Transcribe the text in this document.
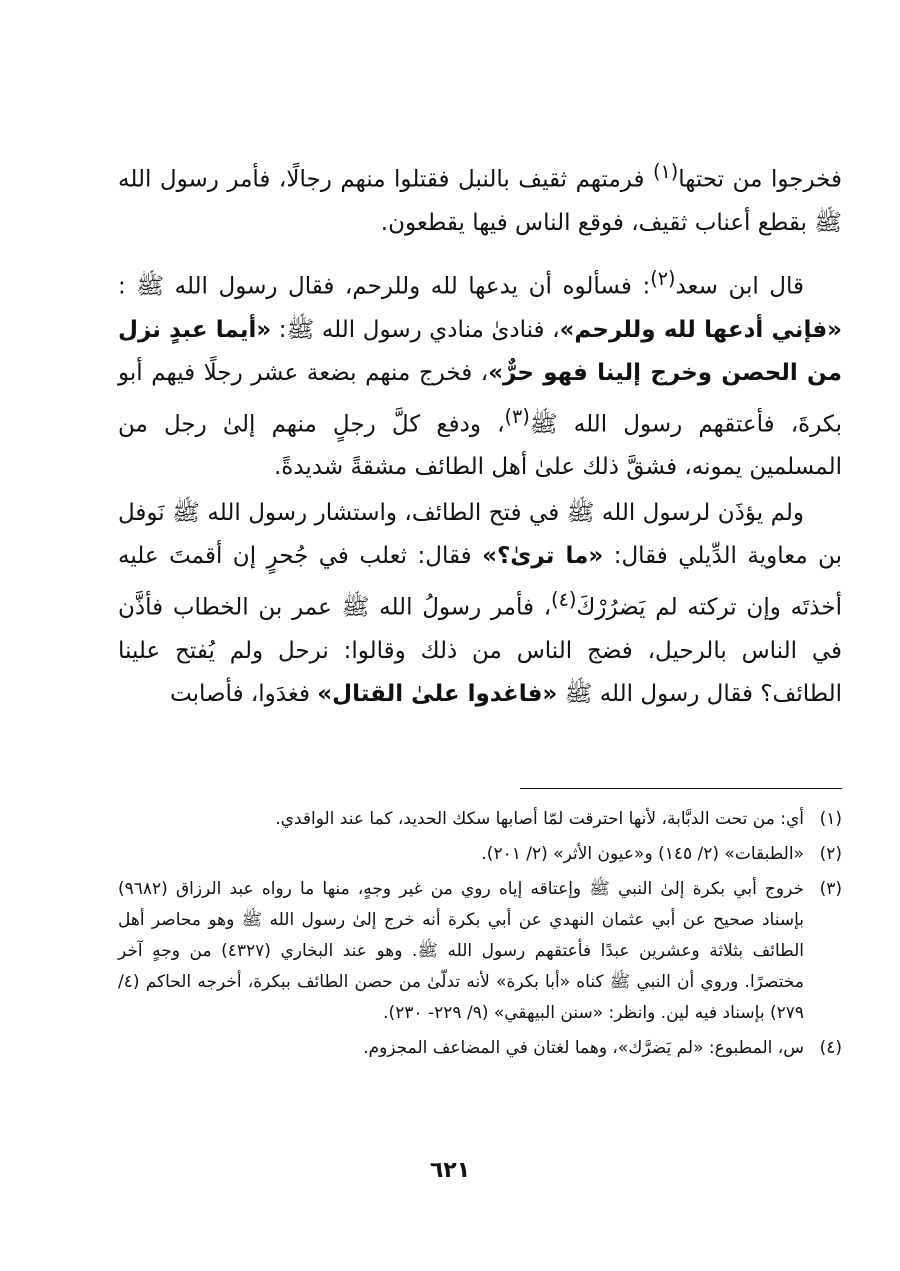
فخرجوا من تحتها$^{(١)}$ فرمتهم ثقيف بالنبل فقتلوا منهم رجالًا، فأمر رسول الله ﷺ بقطع أعناب ثقيف، فوقع الناس فيها يقطعون.

قال ابن سعد$^{(٢)}$: فسألوه أن يدعها لله وللرحم، فقال رسول الله ﷺ : «فإني أدعها لله وللرحم»، فنادىٰ منادي رسول الله ﷺ: «أيما عبدٍ نزل من الحصن وخرج إلينا فهو حرٌّ»، فخرج منهم بضعة عشر رجلًا فيهم أبو بكرةَ، فأعتقهم رسول الله ﷺ$^{(٣)}$، ودفع كلَّ رجلٍ منهم إلىٰ رجل من المسلمين يمونه، فشقَّ ذلك علىٰ أهل الطائف مشقةً شديدةً.

ولم يؤذَن لرسول الله ﷺ في فتح الطائف، واستشار رسول الله ﷺ نَوفل بن معاوية الدِّيلي فقال: «ما ترىٰ؟» فقال: ثعلب في جُحرٍ إن أقمتَ عليه أخذتَه وإن تركته لم يَضرُرْكَ$^{(٤)}$، فأمر رسولُ الله ﷺ عمر بن الخطاب فأذَّن في الناس بالرحيل، فضج الناس من ذلك وقالوا: نرحل ولم يُفتح علينا الطائف؟ فقال رسول الله ﷺ «فاغدوا علىٰ القتال» فغدَوا، فأصابت

(١)
أي: من تحت الدبَّابة، لأنها احترقت لمّا أصابها سكك الحديد، كما عند الواقدي.
(٢)
«الطبقات» (٢/ ١٤٥) و«عيون الأثر» (٢/ ٢٠١).
(٣)
خروج أبي بكرة إلىٰ النبي ﷺ وإعتاقه إياه روي من غير وجهٍ، منها ما رواه عبد الرزاق (٩٦٨٢) بإسناد صحيح عن أبي عثمان النهدي عن أبي بكرة أنه خرج إلىٰ رسول الله ﷺ وهو محاصر أهل الطائف بثلاثة وعشرين عبدًا فأعتقهم رسول الله ﷺ. وهو عند البخاري (٤٣٢٧) من وجهٍ آخر مختصرًا. وروي أن النبي ﷺ كناه «أبا بكرة» لأنه تدلّىٰ من حصن الطائف ببكرة، أخرجه الحاكم (٤/ ٢٧٩) بإسناد فيه لين. وانظر: «سنن البيهقي» (٩/ ٢٢٩- ٢٣٠).
(٤)
س، المطبوع: «لم يَضرَّك»، وهما لغتان في المضاعف المجزوم.
٦٢١
